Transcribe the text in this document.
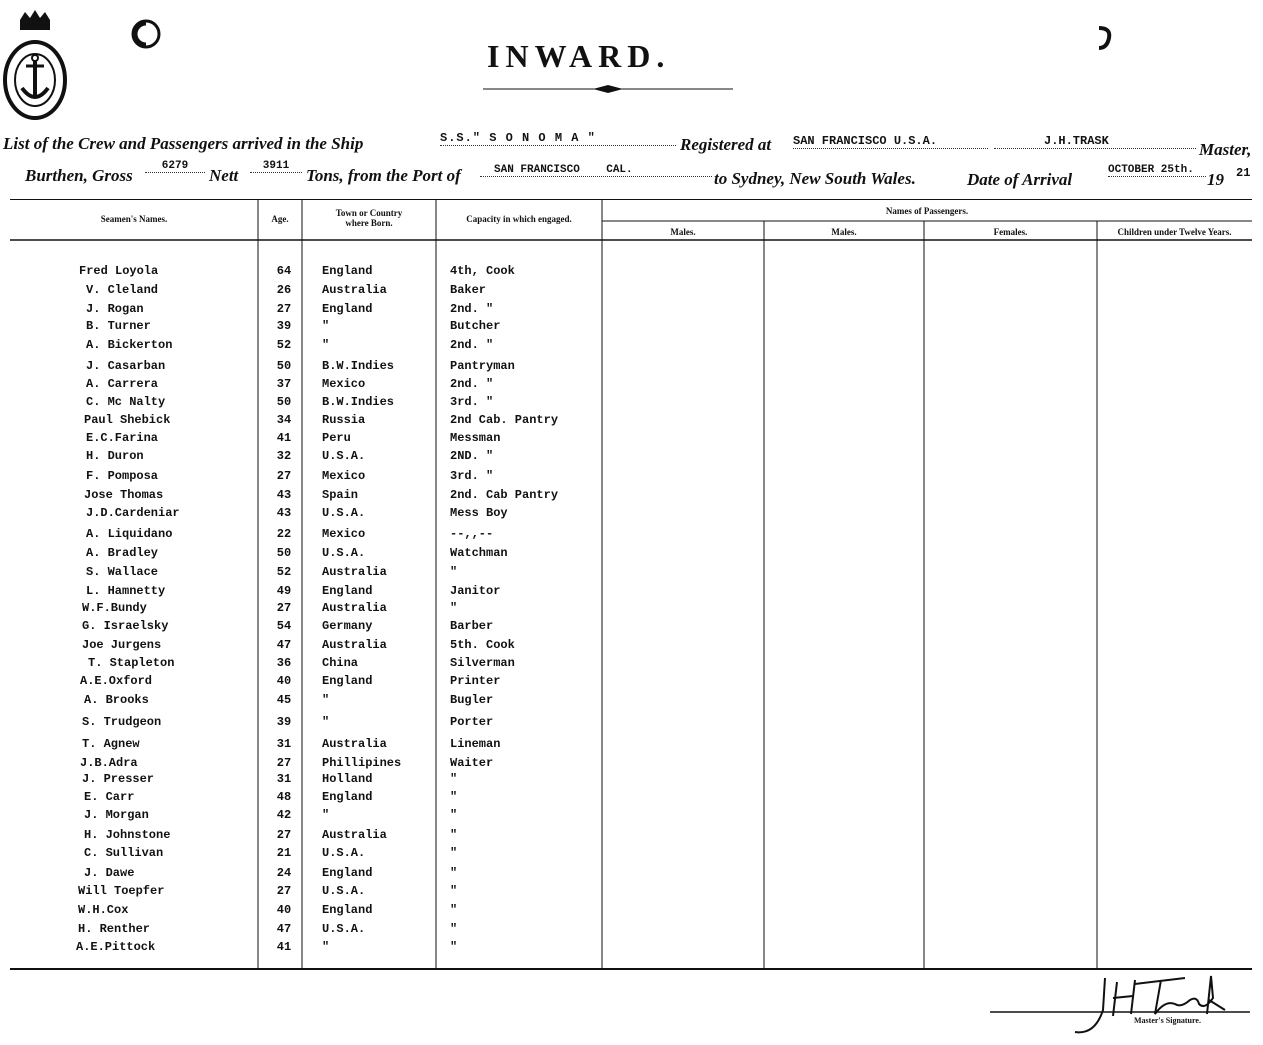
INWARD.
List of the Crew and Passengers arrived in the Ship	S.S." S O N O M A "	Registered at SAN FRANCISCO U.S.A.	J.H.TRASK	Master,
Burthen, Gross	6279	Nett	3911 Tons, from the Port of	SAN FRANCISCO    CAL.	to Sydney, New South Wales.	Date of Arrival	OCTOBER 25th. 19 21
Seamen's Names.	Age.
Town or Country
where Born.	Capacity in which engaged.
Names of Passengers.
Males.	Males.	Females.	Children under Twelve Years.
Fred Loyola	64	England	4th, Cook
V. Cleland	26	Australia	Baker
J. Rogan	27	England	2nd. "
B. Turner	39	"	Butcher
A. Bickerton	52	"	2nd. "
J. Casarban	50	B.W.Indies	Pantryman
A. Carrera	37	Mexico	2nd. "
C. Mc Nalty	50	B.W.Indies	3rd. "
Paul Shebick	34	Russia	2nd Cab. Pantry
E.C.Farina	41	Peru	Messman
H. Duron	32	U.S.A.	2ND. "
F. Pomposa	27	Mexico	3rd. "
Jose Thomas	43	Spain	2nd. Cab Pantry
J.D.Cardeniar	43	U.S.A.	Mess Boy
A. Liquidano	22	Mexico	--,,--
A. Bradley	50	U.S.A.	Watchman
S. Wallace	52	Australia	"
L. Hamnetty	49	England	Janitor
W.F.Bundy	27	Australia	"
G. Israelsky	54	Germany	Barber
Joe Jurgens	47	Australia	5th. Cook
T. Stapleton	36	China	Silverman
A.E.Oxford	40	England	Printer
A. Brooks	45	"	Bugler
S. Trudgeon	39	"	Porter
T. Agnew	31	Australia	Lineman
J.B.Adra	27	Phillipines	Waiter
J. Presser	31	Holland	"
E. Carr	48	England	"
J. Morgan	42	"	"
H. Johnstone	27	Australia	"
C. Sullivan	21	U.S.A.	"
J. Dawe	24	England	"
Will Toepfer	27	U.S.A.	"
W.H.Cox	40	England	"
H. Renther	47	U.S.A.	"
A.E.Pittock	41	"	"
Master's Signature.
